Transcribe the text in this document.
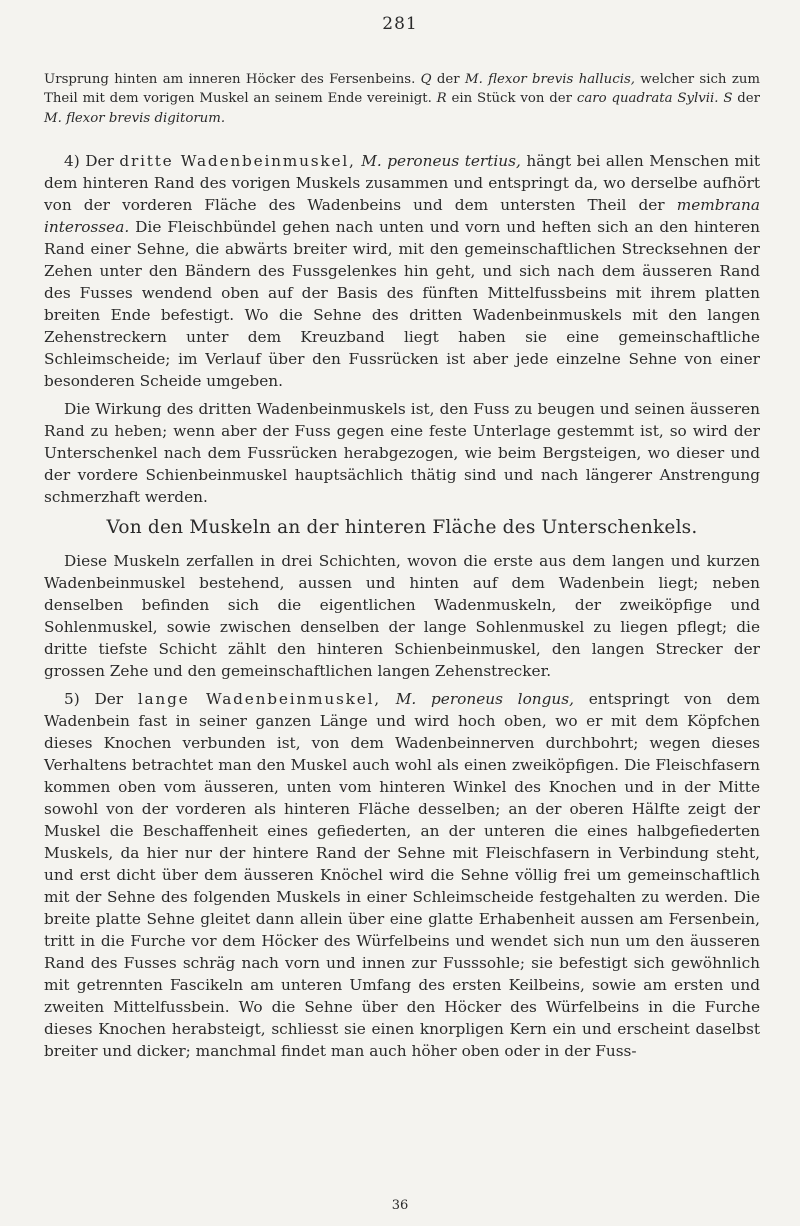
281

Ursprung hinten am inneren Höcker des Fersenbeins. Q der M. flexor brevis hallucis, welcher sich zum Theil mit dem vorigen Muskel an seinem Ende vereinigt. R ein Stück von der caro quadrata Sylvii. S der M. flexor brevis digitorum.

4) Der dritte Wadenbeinmuskel, M. peroneus tertius, hängt bei allen Menschen mit dem hinteren Rand des vorigen Muskels zusammen und entspringt da, wo derselbe aufhört von der vorderen Fläche des Wadenbeins und dem untersten Theil der membrana interossea. Die Fleischbündel gehen nach unten und vorn und heften sich an den hinteren Rand einer Sehne, die abwärts breiter wird, mit den gemeinschaftlichen Strecksehnen der Zehen unter den Bändern des Fussgelenkes hin geht, und sich nach dem äusseren Rand des Fusses wendend oben auf der Basis des fünften Mittelfussbeins mit ihrem platten breiten Ende befestigt. Wo die Sehne des dritten Wadenbeinmuskels mit den langen Zehenstreckern unter dem Kreuzband liegt haben sie eine gemeinschaftliche Schleimscheide; im Verlauf über den Fussrücken ist aber jede einzelne Sehne von einer besonderen Scheide umgeben.

Die Wirkung des dritten Wadenbeinmuskels ist, den Fuss zu beugen und seinen äusseren Rand zu heben; wenn aber der Fuss gegen eine feste Unterlage gestemmt ist, so wird der Unterschenkel nach dem Fussrücken herabgezogen, wie beim Bergsteigen, wo dieser und der vordere Schienbeinmuskel hauptsächlich thätig sind und nach längerer Anstrengung schmerzhaft werden.

Von den Muskeln an der hinteren Fläche des Unterschenkels.

Diese Muskeln zerfallen in drei Schichten, wovon die erste aus dem langen und kurzen Wadenbeinmuskel bestehend, aussen und hinten auf dem Wadenbein liegt; neben denselben befinden sich die eigentlichen Wadenmuskeln, der zweiköpfige und Sohlenmuskel, sowie zwischen denselben der lange Sohlenmuskel zu liegen pflegt; die dritte tiefste Schicht zählt den hinteren Schienbeinmuskel, den langen Strecker der grossen Zehe und den gemeinschaftlichen langen Zehenstrecker.

5) Der lange Wadenbeinmuskel, M. peroneus longus, entspringt von dem Wadenbein fast in seiner ganzen Länge und wird hoch oben, wo er mit dem Köpfchen dieses Knochen verbunden ist, von dem Wadenbeinnerven durchbohrt; wegen dieses Verhaltens betrachtet man den Muskel auch wohl als einen zweiköpfigen. Die Fleischfasern kommen oben vom äusseren, unten vom hinteren Winkel des Knochen und in der Mitte sowohl von der vorderen als hinteren Fläche desselben; an der oberen Hälfte zeigt der Muskel die Beschaffenheit eines gefiederten, an der unteren die eines halbgefiederten Muskels, da hier nur der hintere Rand der Sehne mit Fleischfasern in Verbindung steht, und erst dicht über dem äusseren Knöchel wird die Sehne völlig frei um gemeinschaftlich mit der Sehne des folgenden Muskels in einer Schleimscheide festgehalten zu werden. Die breite platte Sehne gleitet dann allein über eine glatte Erhabenheit aussen am Fersenbein, tritt in die Furche vor dem Höcker des Würfelbeins und wendet sich nun um den äusseren Rand des Fusses schräg nach vorn und innen zur Fusssohle; sie befestigt sich gewöhnlich mit getrennten Fascikeln am unteren Umfang des ersten Keilbeins, sowie am ersten und zweiten Mittelfussbein. Wo die Sehne über den Höcker des Würfelbeins in die Furche dieses Knochen herabsteigt, schliesst sie einen knorpligen Kern ein und erscheint daselbst breiter und dicker; manchmal findet man auch höher oben oder in der Fuss-

36
